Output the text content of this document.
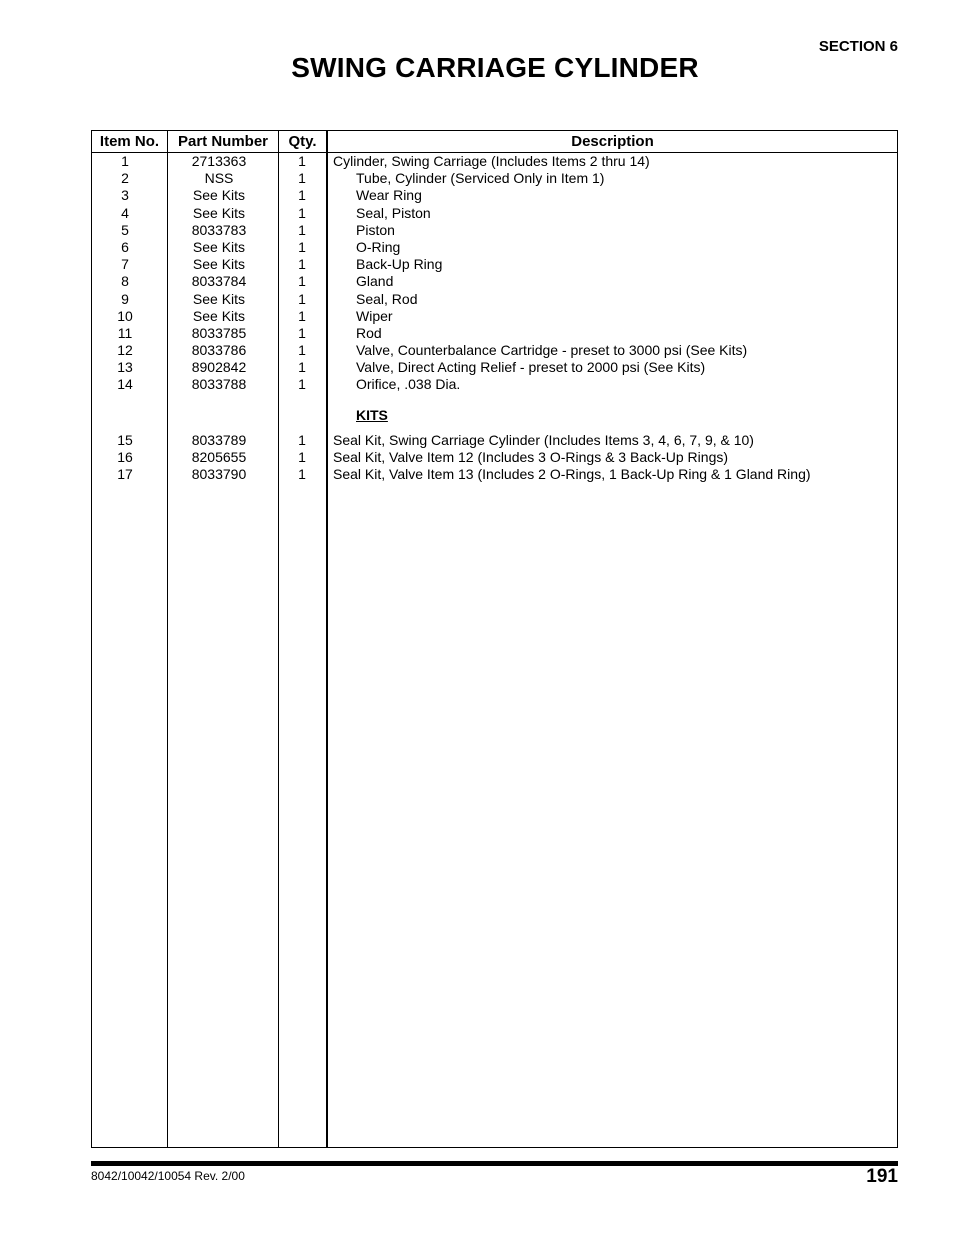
SECTION 6
SWING CARRIAGE CYLINDER
Item No.	Part Number	Qty.	Description
1	2713363	1	Cylinder, Swing Carriage (Includes Items 2 thru 14)
2	NSS	1	Tube, Cylinder (Serviced Only in Item 1)
3	See Kits	1	Wear Ring
4	See Kits	1	Seal, Piston
5	8033783	1	Piston
6	See Kits	1	O-Ring
7	See Kits	1	Back-Up Ring
8	8033784	1	Gland
9	See Kits	1	Seal, Rod
10	See Kits	1	Wiper
11	8033785	1	Rod
12	8033786	1	Valve, Counterbalance Cartridge - preset to 3000 psi (See Kits)
13	8902842	1	Valve, Direct Acting Relief - preset to 2000 psi (See Kits)
14	8033788	1	Orifice, .038 Dia.
KITS
15	8033789	1	Seal Kit, Swing Carriage Cylinder (Includes Items 3, 4, 6, 7, 9, & 10)
16	8205655	1	Seal Kit, Valve Item 12 (Includes 3 O-Rings & 3 Back-Up Rings)
17	8033790	1	Seal Kit, Valve Item 13 (Includes 2 O-Rings, 1 Back-Up Ring & 1 Gland Ring)
8042/10042/10054 Rev. 2/00	191
